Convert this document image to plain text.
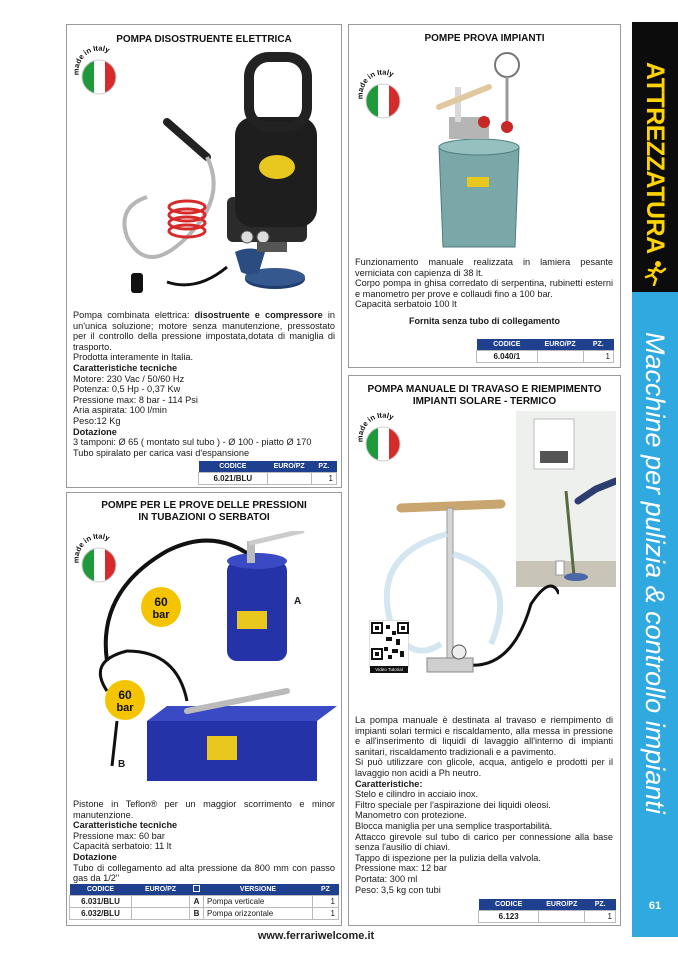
Macchine per pulizia & controllo impianti
61
ATTREZZATURA
POMPA DISOSTRUENTE ELETTRICA
made in Italy

Pompa combinata elettrica: disostruente e compressore in un'unica soluzione; motore senza manutenzione, pressostato per il controllo della pressione impostata,dotata di maniglia di trasporto.

Prodotta interamente in Italia.

Caratteristiche tecniche

Motore: 230 Vac / 50/60 Hz

Potenza: 0,5 Hp - 0,37 Kw

Pressione max: 8 bar - 114 Psi

Aria aspirata: 100 l/min

Peso:12 Kg

Dotazione

3 tamponi: Ø 65 ( montato sul tubo ) - Ø 100 - piatto Ø 170

Tubo spiralato per carica vasi d'espansione

CODICE	EURO/PZ	PZ.
6.021/BLU		1
POMPE PROVA IMPIANTI
made in Italy

Funzionamento manuale realizzata in lamiera pesante verniciata con capienza di 38 lt.

Corpo pompa in ghisa corredato di serpentina, rubinetti esterni e manometro per prove e collaudi fino a 100 bar.

Capacità serbatoio 100 lt

Fornita senza tubo di collegamento
CODICE	EURO/PZ	PZ.
6.040/1		1
POMPE PER LE PROVE DELLE PRESSIONI
IN TUBAZIONI O SERBATOI
made in Italy
60
bar
60
bar
A
B

Pistone in Teflon® per un maggior scorrimento e minor manutenzione.

Caratteristiche tecniche

Pressione max: 60 bar

Capacità serbatoio: 11 lt

Dotazione

Tubo di collegamento ad alta pressione da 800 mm con passo gas da 1/2"

CODICE	EURO/PZ		VERSIONE	PZ
6.031/BLU		A	Pompa verticale	1
6.032/BLU		B	Pompa orizzontale	1
POMPA MANUALE DI TRAVASO E RIEMPIMENTO
IMPIANTI SOLARE - TERMICO
made in Italy
Video Tutorial

La pompa manuale è destinata al travaso e riempimento di impianti solari termici e riscaldamento, alla messa in pressione e all'inserimento di liquidi di lavaggio all'interno di impianti sanitari, riscaldamento tradizionali e a pavimento.

Si può utilizzare con glicole, acqua, antigelo e prodotti per il lavaggio non acidi a Ph neutro.

Caratteristiche:

Stelo e cilindro in acciaio inox.

Filtro speciale per l'aspirazione dei liquidi oleosi.

Manometro con protezione.

Blocca maniglia per una semplice trasportabilità.

Attacco girevole sul tubo di carico per connessione alla base senza l'ausilio di chiavi.

Tappo di ispezione per la pulizia della valvola.

Pressione max: 12 bar

Portata: 300 ml

Peso: 3,5 kg con tubi

CODICE	EURO/PZ	PZ.
6.123		1
www.ferrariwelcome.it
